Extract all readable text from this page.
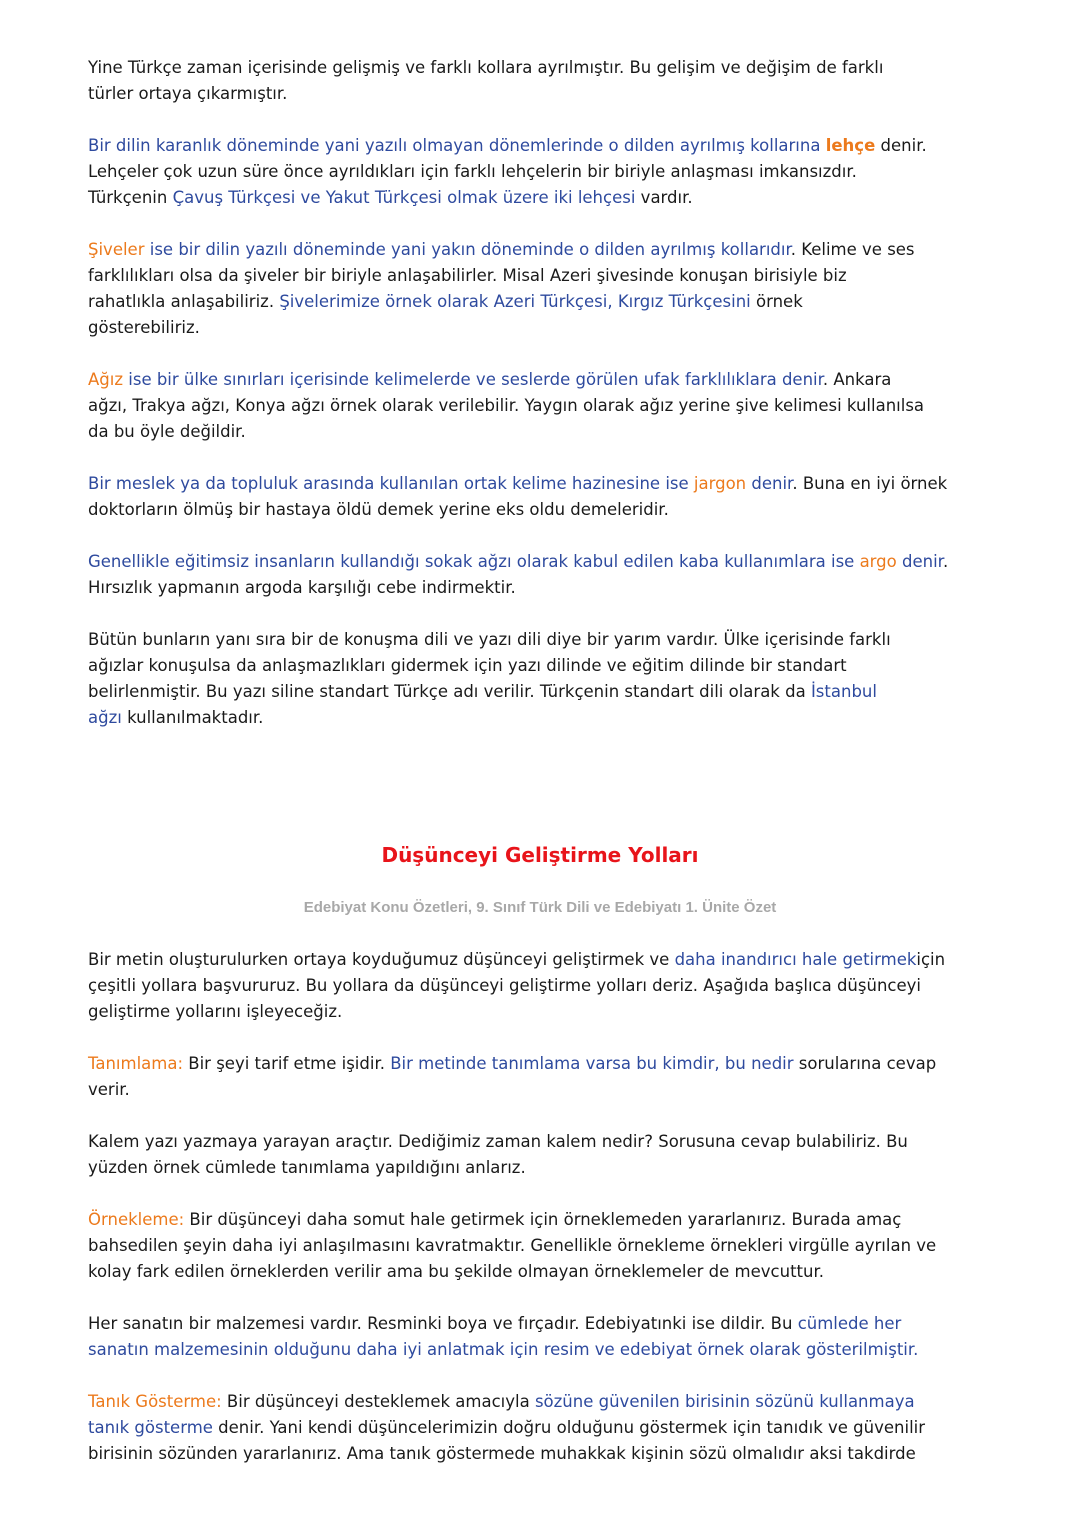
Yine Türkçe zaman içerisinde gelişmiş ve farklı kollara ayrılmıştır. Bu gelişim ve değişim de farklı
türler ortaya çıkarmıştır.

Bir dilin karanlık döneminde yani yazılı olmayan dönemlerinde o dilden ayrılmış kollarına lehçe denir.
Lehçeler çok uzun süre önce ayrıldıkları için farklı lehçelerin bir biriyle anlaşması imkansızdır.
Türkçenin Çavuş Türkçesi ve Yakut Türkçesi olmak üzere iki lehçesi vardır.

Şiveler ise bir dilin yazılı döneminde yani yakın döneminde o dilden ayrılmış kollarıdır. Kelime ve ses
farklılıkları olsa da şiveler bir biriyle anlaşabilirler. Misal Azeri şivesinde konuşan birisiyle biz
rahatlıkla anlaşabiliriz. Şivelerimize örnek olarak Azeri Türkçesi, Kırgız Türkçesini örnek
gösterebiliriz.

Ağız ise bir ülke sınırları içerisinde kelimelerde ve seslerde görülen ufak farklılıklara denir. Ankara
ağzı, Trakya ağzı, Konya ağzı örnek olarak verilebilir. Yaygın olarak ağız yerine şive kelimesi kullanılsa
da bu öyle değildir.

Bir meslek ya da topluluk arasında kullanılan ortak kelime hazinesine ise jargon denir. Buna en iyi örnek
doktorların ölmüş bir hastaya öldü demek yerine eks oldu demeleridir.

Genellikle eğitimsiz insanların kullandığı sokak ağzı olarak kabul edilen kaba kullanımlara ise argo denir.
Hırsızlık yapmanın argoda karşılığı cebe indirmektir.

Bütün bunların yanı sıra bir de konuşma dili ve yazı dili diye bir yarım vardır. Ülke içerisinde farklı
ağızlar konuşulsa da anlaşmazlıkları gidermek için yazı dilinde ve eğitim dilinde bir standart
belirlenmiştir. Bu yazı siline standart Türkçe adı verilir. Türkçenin standart dili olarak da İstanbul
ağzı kullanılmaktadır.

Düşünceyi Geliştirme Yolları
Edebiyat Konu Özetleri, 9. Sınıf Türk Dili ve Edebiyatı 1. Ünite Özet

Bir metin oluşturulurken ortaya koyduğumuz düşünceyi geliştirmek ve daha inandırıcı hale getirmekiçin
çeşitli yollara başvururuz. Bu yollara da düşünceyi geliştirme yolları deriz. Aşağıda başlıca düşünceyi
geliştirme yollarını işleyeceğiz.

Tanımlama: Bir şeyi tarif etme işidir. Bir metinde tanımlama varsa bu kimdir, bu nedir sorularına cevap
verir.

Kalem yazı yazmaya yarayan araçtır. Dediğimiz zaman kalem nedir? Sorusuna cevap bulabiliriz. Bu
yüzden örnek cümlede tanımlama yapıldığını anlarız.

Örnekleme: Bir düşünceyi daha somut hale getirmek için örneklemeden yararlanırız. Burada amaç
bahsedilen şeyin daha iyi anlaşılmasını kavratmaktır. Genellikle örnekleme örnekleri virgülle ayrılan ve
kolay fark edilen örneklerden verilir ama bu şekilde olmayan örneklemeler de mevcuttur.

Her sanatın bir malzemesi vardır. Resminki boya ve fırçadır. Edebiyatınki ise dildir. Bu cümlede her
sanatın malzemesinin olduğunu daha iyi anlatmak için resim ve edebiyat örnek olarak gösterilmiştir.

Tanık Gösterme: Bir düşünceyi desteklemek amacıyla sözüne güvenilen birisinin sözünü kullanmaya
tanık gösterme denir. Yani kendi düşüncelerimizin doğru olduğunu göstermek için tanıdık ve güvenilir
birisinin sözünden yararlanırız. Ama tanık göstermede muhakkak kişinin sözü olmalıdır aksi takdirde
